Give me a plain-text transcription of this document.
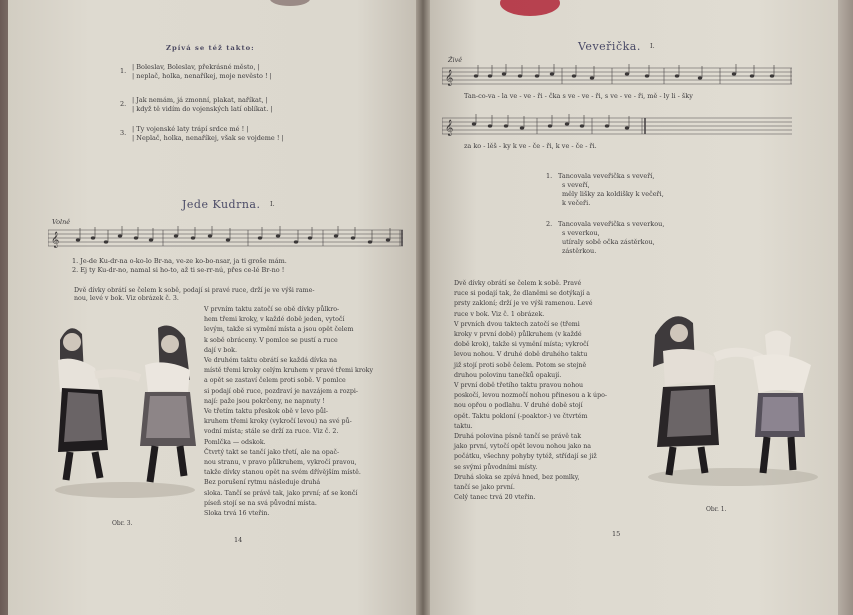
Zpívá se též takto:
1. | Boleslav, Boleslav, překrásné město, |
| neplač, holka, nenaříkej, moje nevěsto ! |
2. | Jak nemám, já zmonní, plakat, naříkat, |
| když tě vidím do vojenských latí oblíkat. |
3. | Ty vojenské laty trápí srdce mé ! |
| Neplač, holka, nenaříkej, však se vojdeme ! |
Jede Kudrna. I.
Volně
𝄞
1. Je-de Ku-dr-na o-ko-lo Br-na, ve-ze ko-bo-nsar, ja ti groše mám.
2. Ej ty Ku-dr-no, namal si ho-to, až ti se-rr-nú, přes ce-lé Br-no !
Dvě dívky obrátí se čelem k sobě, podají si pravé ruce, drží je ve výši rame-
nou, levé v bok. Viz obrázek č. 3.
V prvním taktu zatočí se obě dívky půlkro-
hem třemi kroky, v každé době jeden, vytočí
levým, takže si vymění místa a jsou opět čelem
k sobě obráceny. V pomlce se pustí a ruce
dají v bok.
Ve druhém taktu obrátí se každá dívka na
místě třemi kroky celým kruhem v pravé třemi kroky
a opět se zastaví čelem proti sobě. V pomlce
si podají obě ruce, pozdraví je navzájem a rozpi-
nají: paže jsou pokrčeny, ne napnuty !
Ve třetím taktu přeskok obě v levo půl-
kruhem třemi kroky (vykročí levou) na své pů-
vodní místa; stále se drží za ruce. Viz č. 2.
Pomlčka — odskok.
Čtvrtý takt se tančí jako třetí, ale na opač-
nou stranu, v pravo půlkruhem, vykročí pravou,
takže dívky stanou opět na svém dřívějším místě.
Bez porušení rytmu následuje druhá
sloka. Tančí se právě tak, jako první; ať se končí
píseň stojí se na svá původní místa.
Sloka trvá 16 vteřin.
Obr. 3.
14
Veveřička. I.
Živě
𝄞
Tan-co-va - la ve - ve - ři - čka s ve - ve - ři, s ve - ve - ři, mě - ly li - šky
𝄞
za ko - lěš - ky k ve - če - ři, k ve - če - ři.
1. Tancovala veveřička s veveří,
s veveří,
měly lišky za koldišky k večeři,
k večeři.
2. Tancovala veveřička s veverkou,
s veverkou,
utíraly sobě očka zástěrkou,
zástěrkou.
Dvě dívky obrátí se čelem k sobě. Pravé
ruce si podají tak, že dlaněmi se dotýkají a
prsty zakloní; drží je ve výši ramenou. Levé
ruce v bok. Viz č. 1 obrázek.
V prvních dvou taktech zatočí se (třemi
kroky v první době) půlkruhem (v každé
době krok), takže si vymění místa; vykročí
levou nohou. V druhé době druhého taktu
již stojí proti sobě čelem. Potom se stejně
druhou polovinu tanečků opakují.
V první době třetího taktu pravou nohou
poskočí, levou nozmočí nohou přinesou a k úpo-
nou opřou o podlahu. V druhé době stojí
opět. Taktu pokloní (-poaktor-) ve čtvrtém
taktu.
Druhá polovina písně tančí se právě tak
jako první, vytočí opět levou nohou jako na
počátku, všechny pohyby tytéž, střídají se již
se svými původními místy.
Druhá sloka se zpívá hned, bez pomlky,
tančí se jako první.
Celý tanec trvá 20 vteřin.
Obr. 1.
15
